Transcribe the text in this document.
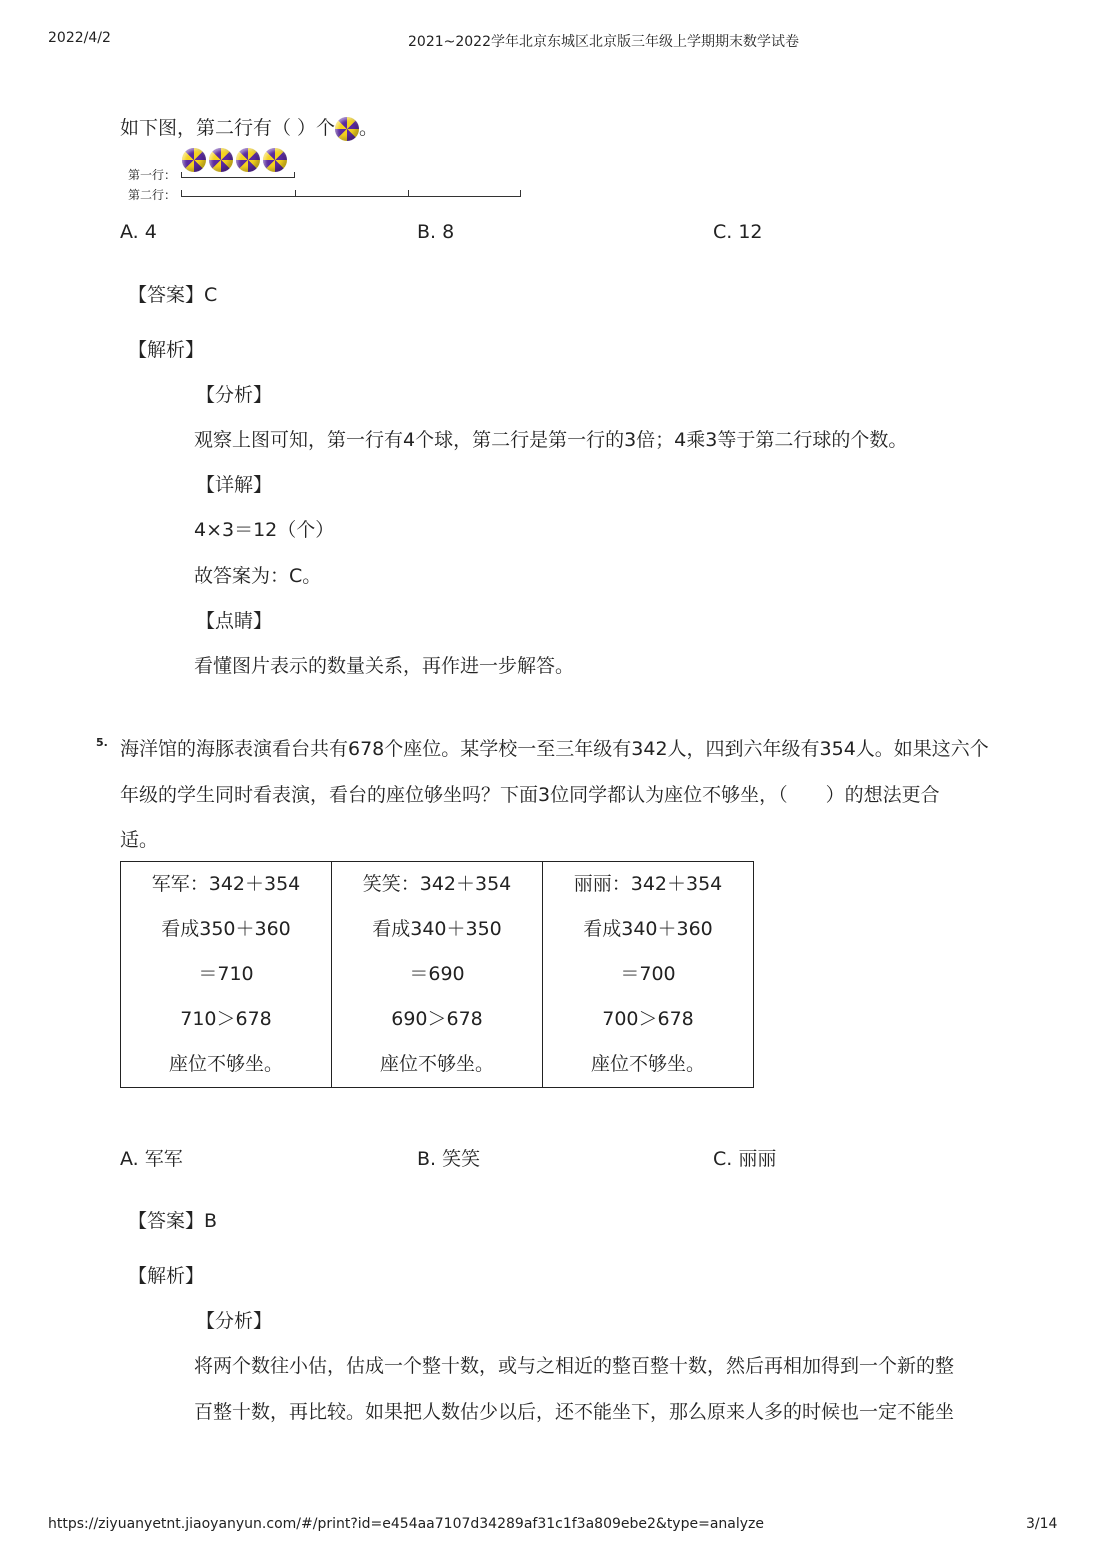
2022/4/2	2021~2022学年北京东城区北京版三年级上学期期末数学试卷
如下图，第二行有（ ）个 。
第一行：
第二行：
A. 4	B. 8	C. 12
【答案】C
【解析】
【分析】
观察上图可知，第一行有4个球，第二行是第一行的3倍；4乘3等于第二行球的个数。
【详解】
4×3＝12（个）
故答案为：C。
【点睛】
看懂图片表示的数量关系，再作进一步解答。
5. 海洋馆的海豚表演看台共有678个座位。某学校一至三年级有342人，四到六年级有354人。如果这六个
年级的学生同时看表演，看台的座位够坐吗？下面3位同学都认为座位不够坐，（　　）的想法更合
适。
军军：342＋354
看成350＋360
＝710
710＞678
座位不够坐。

笑笑：342＋354
看成340＋350
＝690
690＞678
座位不够坐。

丽丽：342＋354
看成340＋360
＝700
700＞678
座位不够坐。
A. 军军	B. 笑笑	C. 丽丽
【答案】B
【解析】
【分析】
将两个数往小估，估成一个整十数，或与之相近的整百整十数，然后再相加得到一个新的整
百整十数，再比较。如果把人数估少以后，还不能坐下，那么原来人多的时候也一定不能坐
https://ziyuanyetnt.jiaoyanyun.com/#/print?id=e454aa7107d34289af31c1f3a809ebe2&type=analyze	3/14
